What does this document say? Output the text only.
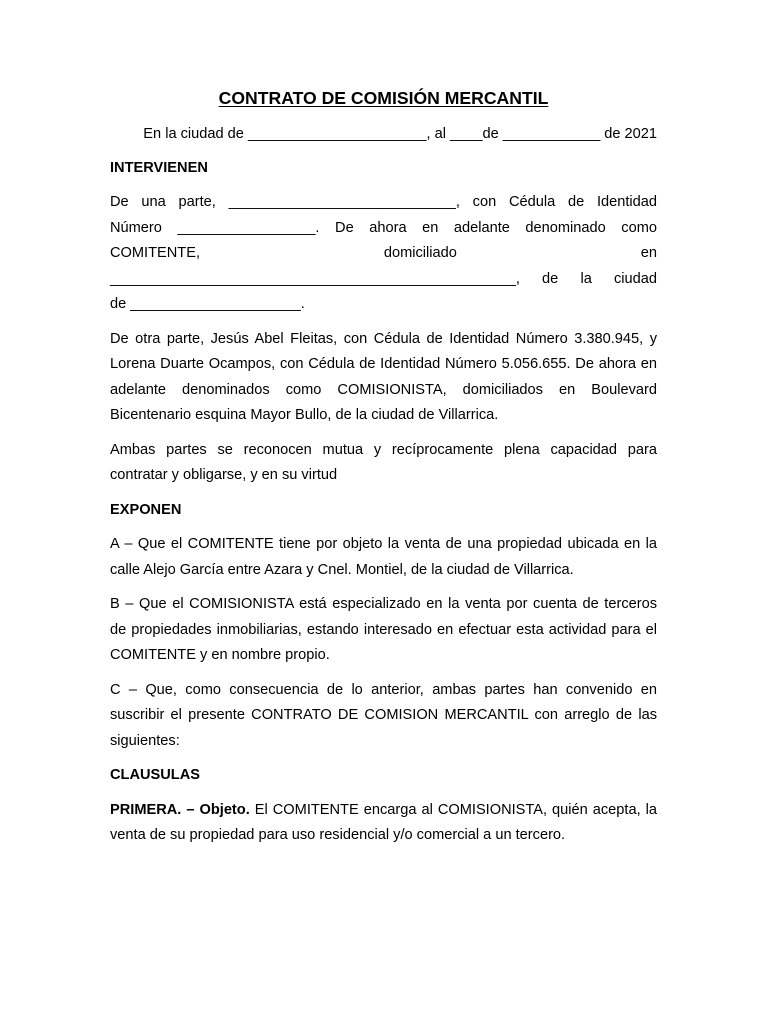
CONTRATO DE COMISIÓN MERCANTIL
En la ciudad de ______________________, al ____de ____________ de 2021
INTERVIENEN
De una parte, ____________________________, con Cédula de Identidad
Número _________________. De ahora en adelante denominado como
COMITENTE,	domiciliado	en
__________________________________________________, de la ciudad
de _____________________.

De otra parte, Jesús Abel Fleitas, con Cédula de Identidad Número 3.380.945, y Lorena Duarte Ocampos, con Cédula de Identidad Número 5.056.655. De ahora en adelante denominados como COMISIONISTA, domiciliados en Boulevard Bicentenario esquina Mayor Bullo, de la ciudad de Villarrica.

Ambas partes se reconocen mutua y recíprocamente plena capacidad para contratar y obligarse, y en su virtud

EXPONEN

A – Que el COMITENTE tiene por objeto la venta de una propiedad ubicada en la calle Alejo García entre Azara y Cnel. Montiel, de la ciudad de Villarrica.

B – Que el COMISIONISTA está especializado en la venta por cuenta de terceros de propiedades inmobiliarias, estando interesado en efectuar esta actividad para el COMITENTE y en nombre propio.

C – Que, como consecuencia de lo anterior, ambas partes han convenido en suscribir el presente CONTRATO DE COMISION MERCANTIL con arreglo de las siguientes:

CLAUSULAS

PRIMERA. – Objeto. El COMITENTE encarga al COMISIONISTA, quién acepta, la venta de su propiedad para uso residencial y/o comercial a un tercero.
